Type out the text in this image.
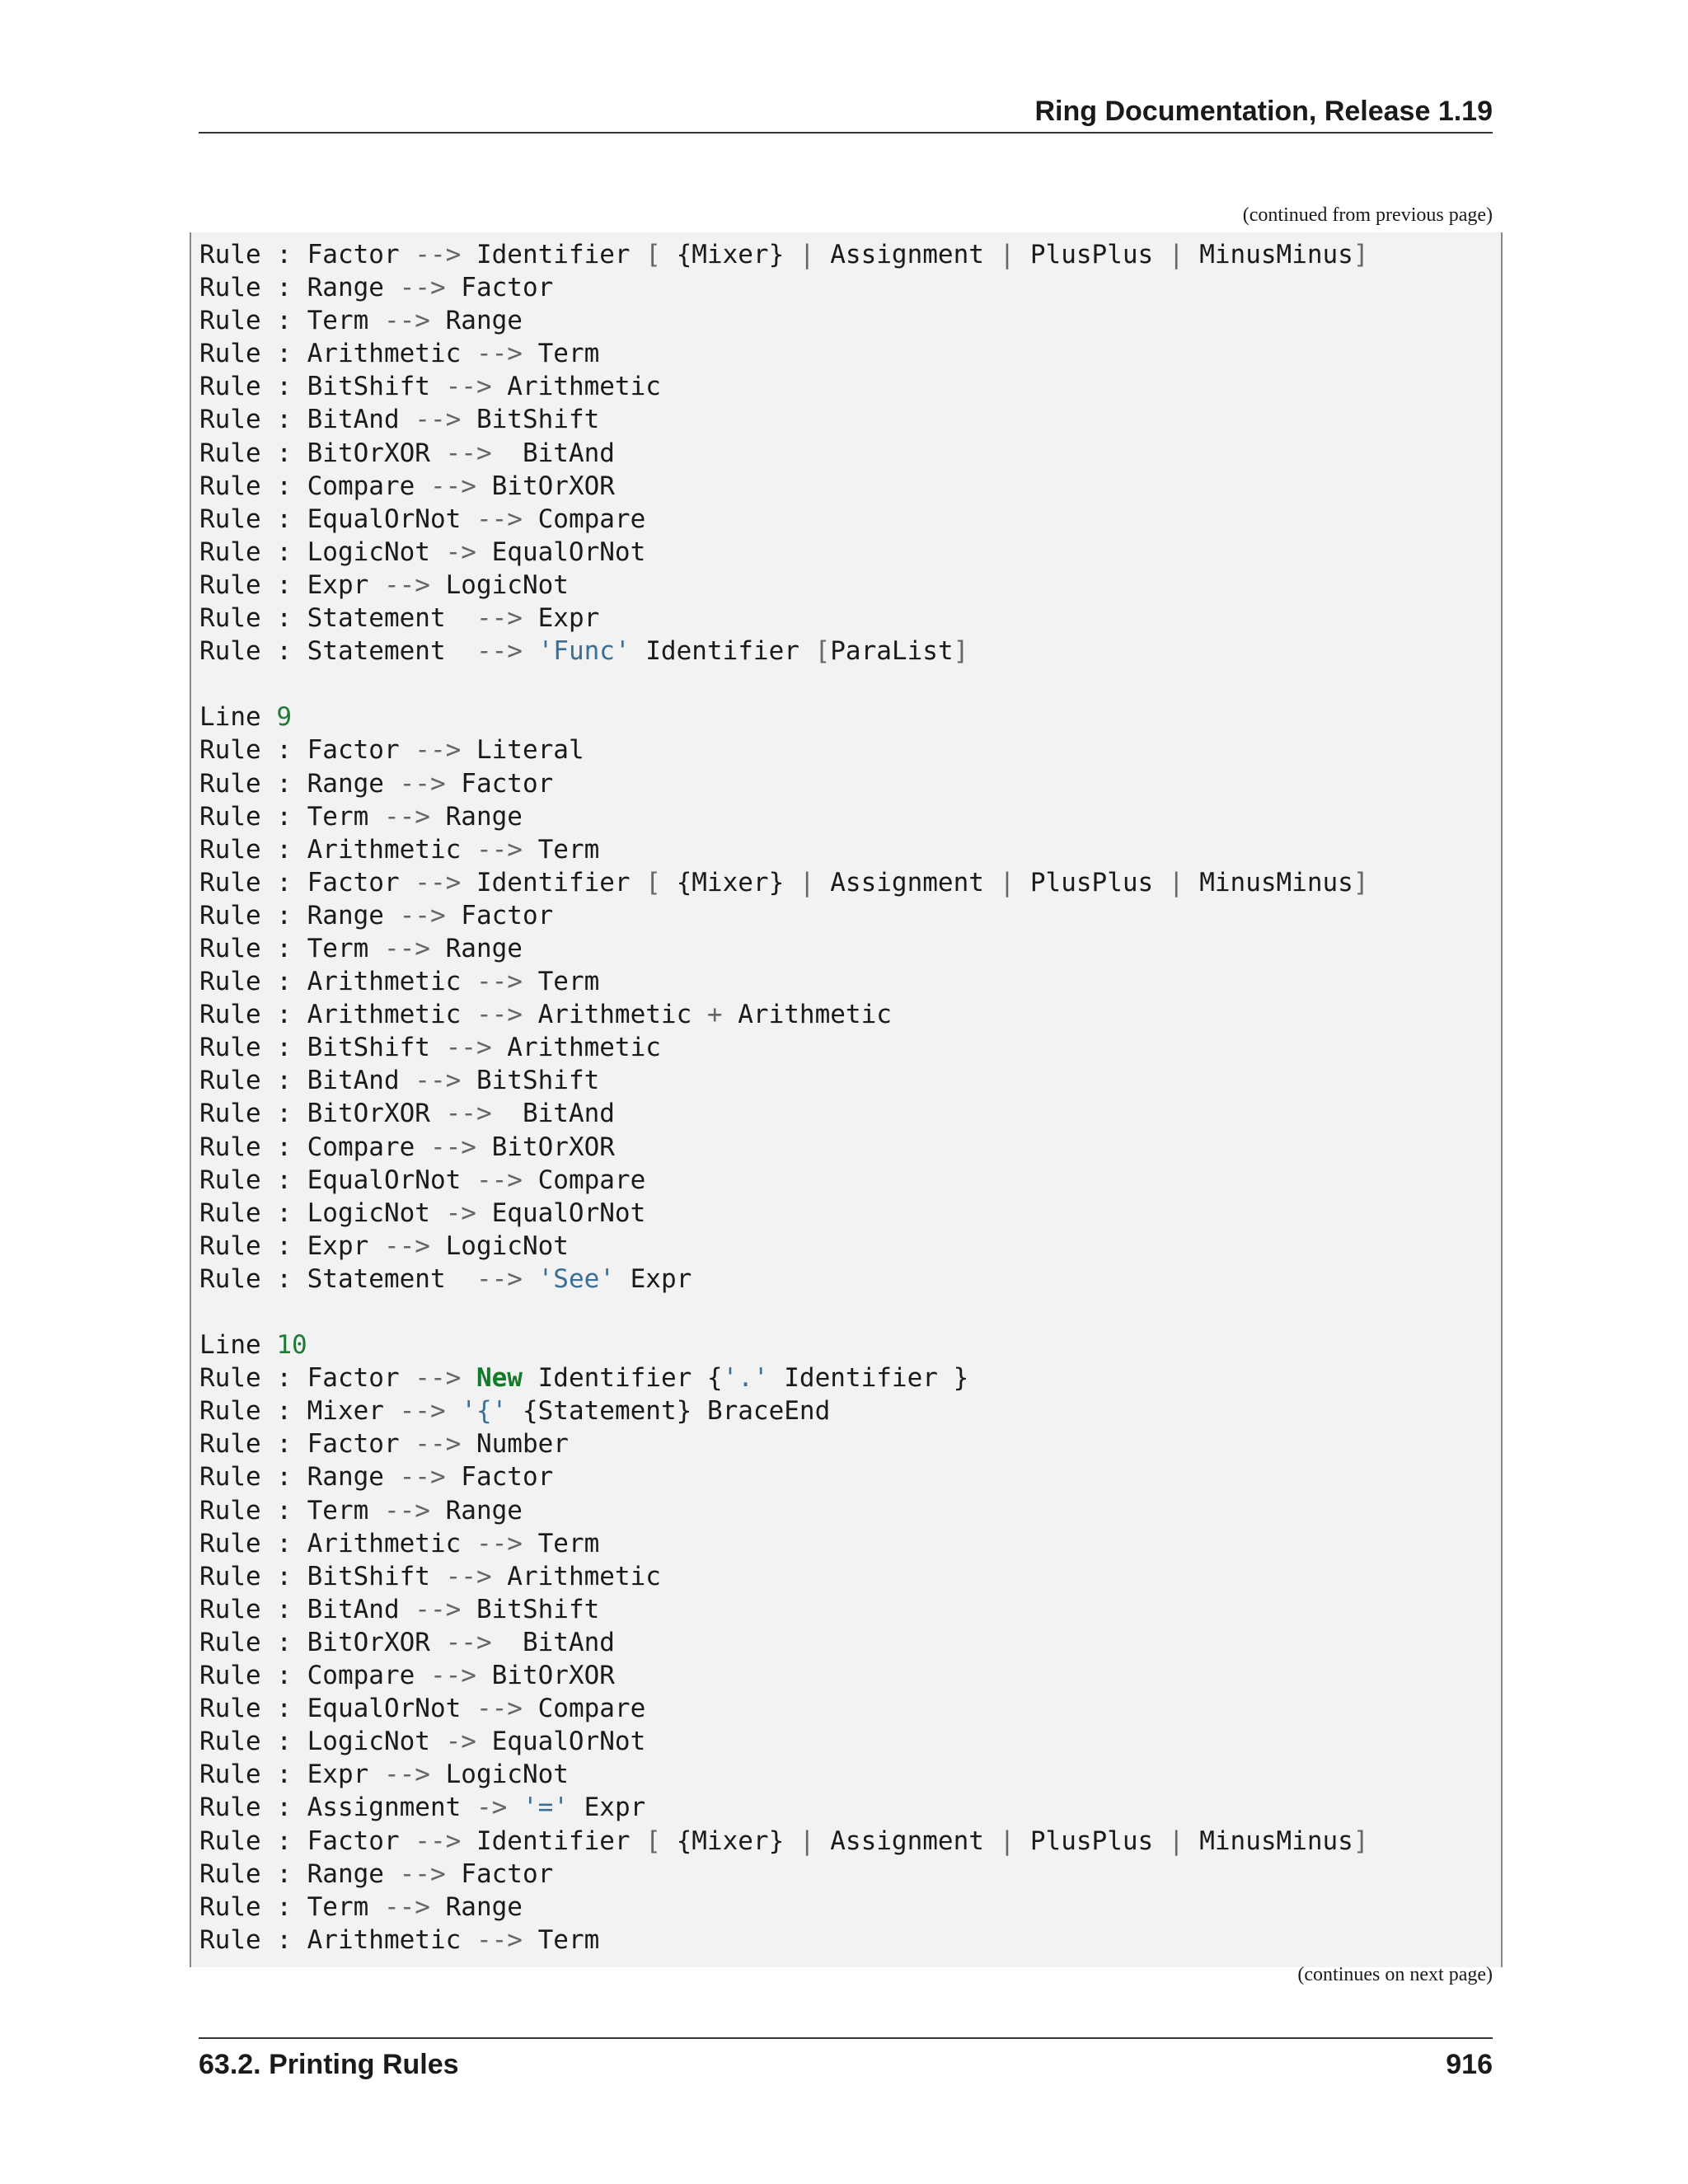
Ring Documentation, Release 1.19
(continued from previous page)
Rule : Factor --> Identifier [ {Mixer} | Assignment | PlusPlus | MinusMinus]
Rule : Range --> Factor
Rule : Term --> Range
Rule : Arithmetic --> Term
Rule : BitShift --> Arithmetic
Rule : BitAnd --> BitShift
Rule : BitOrXOR -->  BitAnd
Rule : Compare --> BitOrXOR
Rule : EqualOrNot --> Compare
Rule : LogicNot -> EqualOrNot
Rule : Expr --> LogicNot
Rule : Statement  --> Expr
Rule : Statement  --> 'Func' Identifier [ParaList]

Line 9
Rule : Factor --> Literal
Rule : Range --> Factor
Rule : Term --> Range
Rule : Arithmetic --> Term
Rule : Factor --> Identifier [ {Mixer} | Assignment | PlusPlus | MinusMinus]
Rule : Range --> Factor
Rule : Term --> Range
Rule : Arithmetic --> Term
Rule : Arithmetic --> Arithmetic + Arithmetic
Rule : BitShift --> Arithmetic
Rule : BitAnd --> BitShift
Rule : BitOrXOR -->  BitAnd
Rule : Compare --> BitOrXOR
Rule : EqualOrNot --> Compare
Rule : LogicNot -> EqualOrNot
Rule : Expr --> LogicNot
Rule : Statement  --> 'See' Expr

Line 10
Rule : Factor --> New Identifier {'.' Identifier }
Rule : Mixer --> '{' {Statement} BraceEnd
Rule : Factor --> Number
Rule : Range --> Factor
Rule : Term --> Range
Rule : Arithmetic --> Term
Rule : BitShift --> Arithmetic
Rule : BitAnd --> BitShift
Rule : BitOrXOR -->  BitAnd
Rule : Compare --> BitOrXOR
Rule : EqualOrNot --> Compare
Rule : LogicNot -> EqualOrNot
Rule : Expr --> LogicNot
Rule : Assignment -> '=' Expr
Rule : Factor --> Identifier [ {Mixer} | Assignment | PlusPlus | MinusMinus]
Rule : Range --> Factor
Rule : Term --> Range
Rule : Arithmetic --> Term
(continues on next page)
63.2. Printing Rules	916
